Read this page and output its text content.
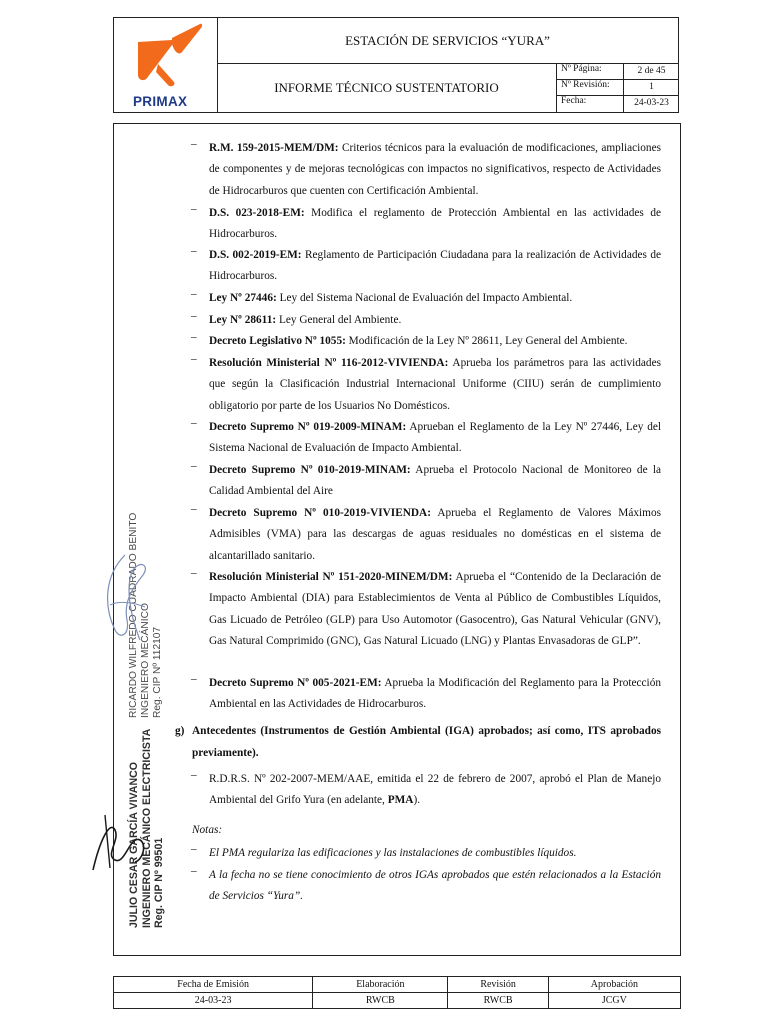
PRIMAX
ESTACIÓN DE SERVICIOS “YURA”
INFORME TÉCNICO SUSTENTATORIO
Nº Página:	2 de 45
Nº Revisión:	1
Fecha:	24-03-23
– R.M. 159-2015-MEM/DM: Criterios técnicos para la evaluación de modificaciones, ampliaciones de componentes y de mejoras tecnológicas con impactos no significativos, respecto de Actividades de Hidrocarburos que cuenten con Certificación Ambiental.
– D.S. 023-2018-EM: Modifica el reglamento de Protección Ambiental en las actividades de Hidrocarburos.
– D.S. 002-2019-EM: Reglamento de Participación Ciudadana para la realización de Actividades de Hidrocarburos.
– Ley Nº 27446: Ley del Sistema Nacional de Evaluación del Impacto Ambiental.
– Ley Nº 28611: Ley General del Ambiente.
– Decreto Legislativo Nº 1055: Modificación de la Ley Nº 28611, Ley General del Ambiente.
– Resolución Ministerial Nº 116-2012-VIVIENDA: Aprueba los parámetros para las actividades que según la Clasificación Industrial Internacional Uniforme (CIIU) serán de cumplimiento obligatorio por parte de los Usuarios No Domésticos.
– Decreto Supremo Nº 019-2009-MINAM: Aprueban el Reglamento de la Ley Nº 27446, Ley del Sistema Nacional de Evaluación de Impacto Ambiental.
– Decreto Supremo Nº 010-2019-MINAM: Aprueba el Protocolo Nacional de Monitoreo de la Calidad Ambiental del Aire
– Decreto Supremo Nº 010-2019-VIVIENDA: Aprueba el Reglamento de Valores Máximos Admisibles (VMA) para las descargas de aguas residuales no domésticas en el sistema de alcantarillado sanitario.
– Resolución Ministerial Nº 151-2020-MINEM/DM: Aprueba el “Contenido de la Declaración de Impacto Ambiental (DIA) para Establecimientos de Venta al Público de Combustibles Líquidos, Gas Licuado de Petróleo (GLP) para Uso Automotor (Gasocentro), Gas Natural Vehicular (GNV), Gas Natural Comprimido (GNC), Gas Natural Licuado (LNG) y Plantas Envasadoras de GLP”.
– Decreto Supremo Nº 005-2021-EM: Aprueba la Modificación del Reglamento para la Protección Ambiental en las Actividades de Hidrocarburos.
g) Antecedentes (Instrumentos de Gestión Ambiental (IGA) aprobados; así como, ITS aprobados previamente).
– R.D.R.S. Nº 202-2007-MEM/AAE, emitida el 22 de febrero de 2007, aprobó el Plan de Manejo Ambiental del Grifo Yura (en adelante, PMA).
Notas:
– El PMA regulariza las edificaciones y las instalaciones de combustibles líquidos.
– A la fecha no se tiene conocimiento de otros IGAs aprobados que estén relacionados a la Estación de Servicios “Yura”.
RICARDO WILFREDO CUADRADO BENITO INGENIERO MECÁNICO Reg. CIP Nº 112107
JULIO CESAR GARCÍA VIVANCO INGENIERO MECÁNICO ELECTRICISTA Reg. CIP Nº 99501
Fecha de Emisión	Elaboración	Revisión	Aprobación
24-03-23	RWCB	RWCB	JCGV
